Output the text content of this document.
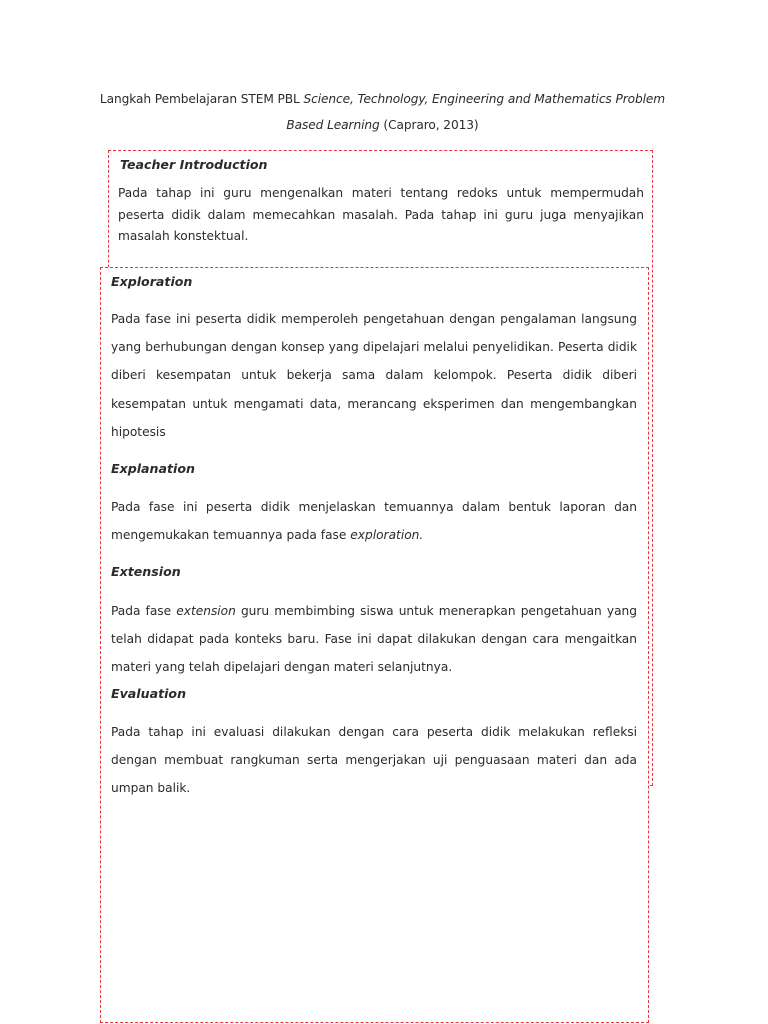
Langkah Pembelajaran STEM PBL Science, Technology, Engineering and Mathematics Problem Based Learning (Capraro, 2013)
Teacher Introduction
Pada tahap ini guru mengenalkan materi tentang redoks untuk mempermudah peserta didik dalam memecahkan masalah. Pada tahap ini guru juga menyajikan masalah konstektual.
Exploration
Pada fase ini peserta didik memperoleh pengetahuan dengan pengalaman langsung yang berhubungan dengan konsep yang dipelajari melalui penyelidikan. Peserta didik diberi kesempatan untuk bekerja sama dalam kelompok. Peserta didik diberi kesempatan untuk mengamati data, merancang eksperimen dan mengembangkan hipotesis
Explanation
Pada fase ini peserta didik menjelaskan temuannya dalam bentuk laporan dan mengemukakan temuannya pada fase exploration.
Extension
Pada fase extension guru membimbing siswa untuk menerapkan pengetahuan yang telah didapat pada konteks baru. Fase ini dapat dilakukan dengan cara mengaitkan materi yang telah dipelajari dengan materi selanjutnya.
Evaluation
Pada tahap ini evaluasi dilakukan dengan cara peserta didik melakukan refleksi dengan membuat rangkuman serta mengerjakan uji penguasaan materi dan ada umpan balik.
